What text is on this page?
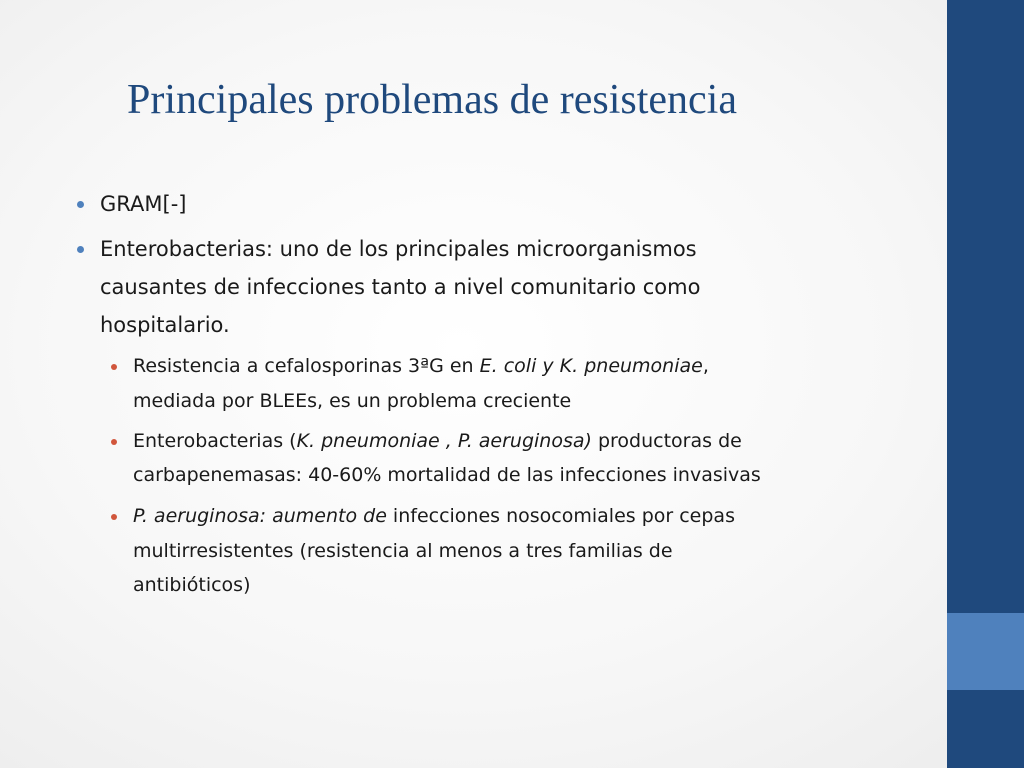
Principales problemas de resistencia
GRAM[-]
Enterobacterias: uno de los principales microorganismos
causantes de infecciones tanto a nivel comunitario como
hospitalario.
Resistencia a cefalosporinas 3ªG en E. coli y K. pneumoniae,
mediada por BLEEs, es un problema creciente
Enterobacterias (K. pneumoniae , P. aeruginosa) productoras de
carbapenemasas: 40-60% mortalidad de las infecciones invasivas
P. aeruginosa: aumento de infecciones nosocomiales por cepas
multirresistentes (resistencia al menos a tres familias de
antibióticos)
